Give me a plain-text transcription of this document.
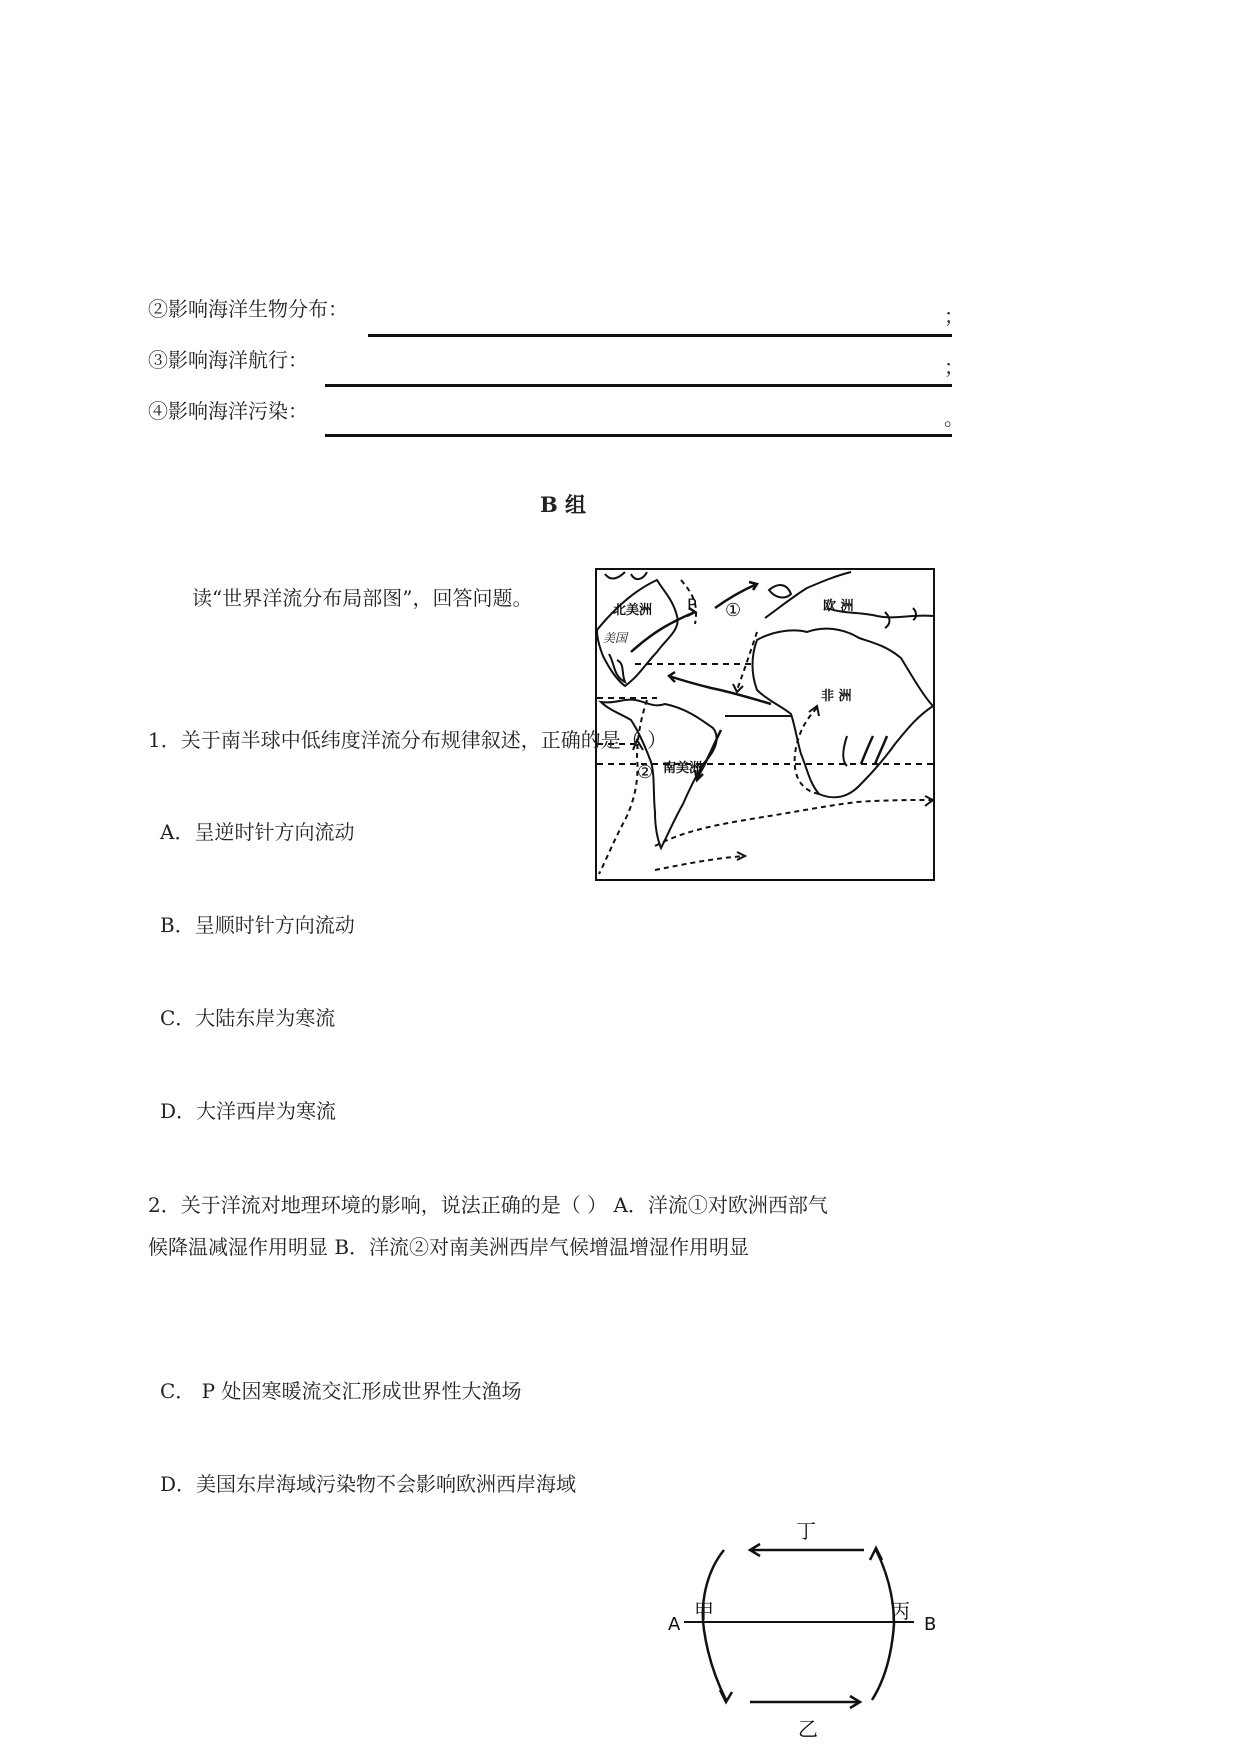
②影响海洋生物分布：	；
③影响海洋航行：	；
④影响海洋污染：	。
B 组
读“世界洋流分布局部图”，回答问题。
北美洲
美国
P ①	欧 洲
非 洲
南美洲
②
1．关于南半球中低纬度洋流分布规律叙述，正确的是（ ）
A．呈逆时针方向流动
B．呈顺时针方向流动
C．大陆东岸为寒流
D．大洋西岸为寒流
2．关于洋流对地理环境的影响，说法正确的是（ ） A．洋流①对欧洲西部气候降温减湿作用明显 B．洋流②对南美洲西岸气候增温增湿作用明显
C． P 处因寒暖流交汇形成世界性大渔场
D．美国东岸海域污染物不会影响欧洲西岸海域
丁
甲	丙
乙
A	B
